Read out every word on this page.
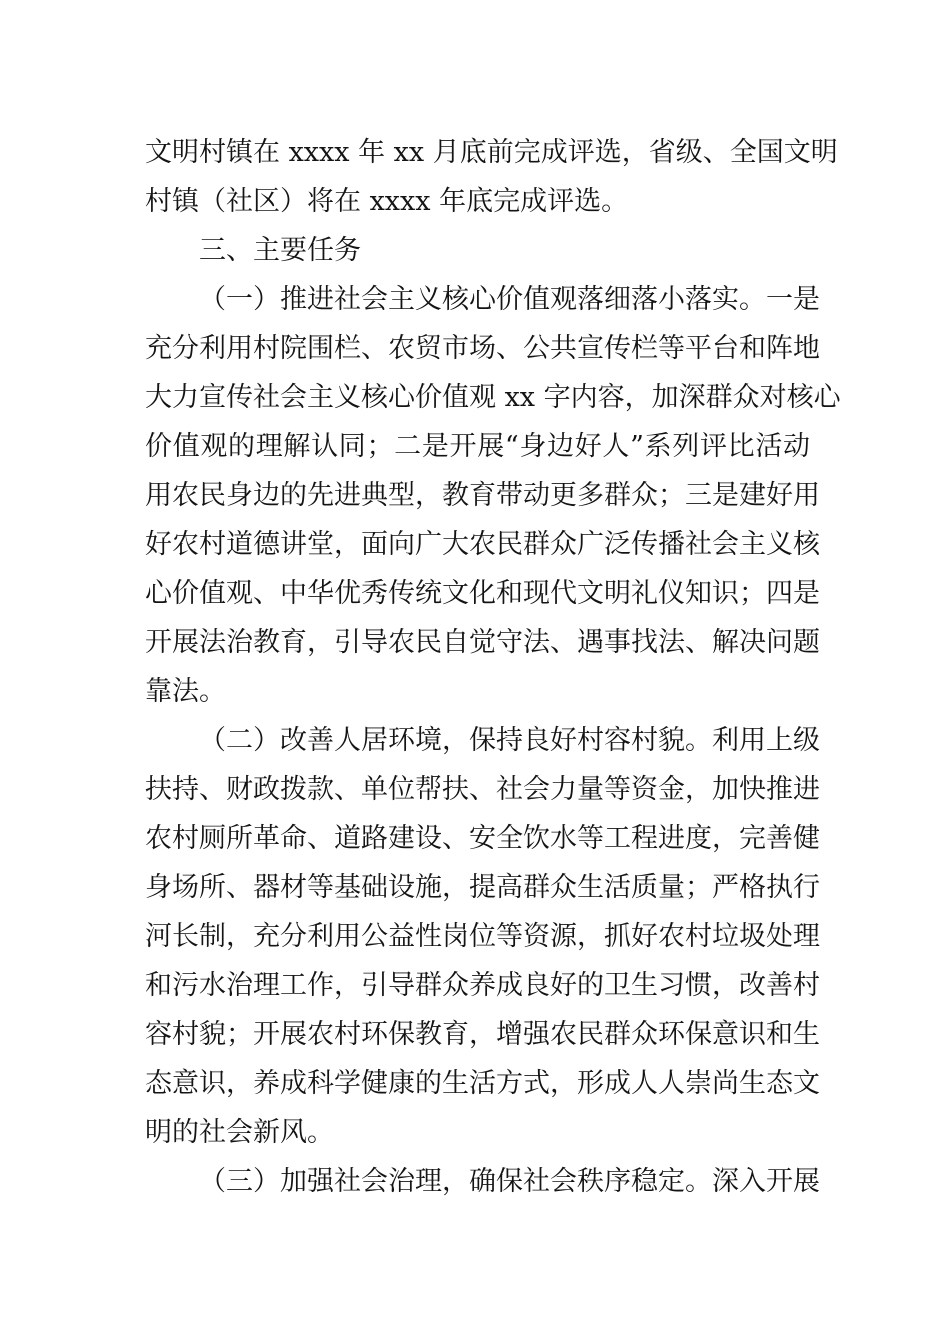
文明村镇在 xxxx 年 xx 月底前完成评选，省级、全国文明
村镇（社区）将在 xxxx 年底完成评选。
三、主要任务
（一）推进社会主义核心价值观落细落小落实。一是
充分利用村院围栏、农贸市场、公共宣传栏等平台和阵地
大力宣传社会主义核心价值观 xx 字内容，加深群众对核心
价值观的理解认同；二是开展“身边好人”系列评比活动
用农民身边的先进典型，教育带动更多群众；三是建好用
好农村道德讲堂，面向广大农民群众广泛传播社会主义核
心价值观、中华优秀传统文化和现代文明礼仪知识；四是
开展法治教育，引导农民自觉守法、遇事找法、解决问题
靠法。
（二）改善人居环境，保持良好村容村貌。利用上级
扶持、财政拨款、单位帮扶、社会力量等资金，加快推进
农村厕所革命、道路建设、安全饮水等工程进度，完善健
身场所、器材等基础设施，提高群众生活质量；严格执行
河长制，充分利用公益性岗位等资源，抓好农村垃圾处理
和污水治理工作，引导群众养成良好的卫生习惯，改善村
容村貌；开展农村环保教育，增强农民群众环保意识和生
态意识，养成科学健康的生活方式，形成人人崇尚生态文
明的社会新风。
（三）加强社会治理，确保社会秩序稳定。深入开展
